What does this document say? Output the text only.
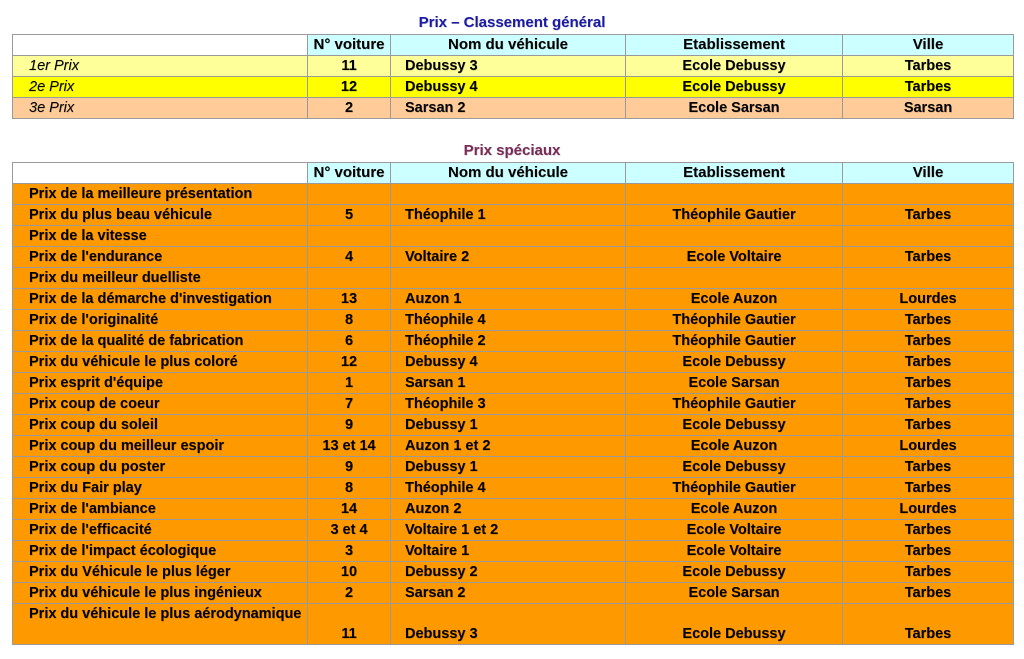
Prix – Classement général
	N° voiture	Nom du véhicule	Etablissement	Ville
1er Prix	11	Debussy 3	Ecole Debussy	Tarbes
2e Prix	12	Debussy 4	Ecole Debussy	Tarbes
3e Prix	2	Sarsan 2	Ecole Sarsan	Sarsan
Prix spéciaux
	N° voiture	Nom du véhicule	Etablissement	Ville
Prix de la meilleure présentation				
Prix du plus beau véhicule	5	Théophile 1	Théophile Gautier	Tarbes
Prix de la vitesse				
Prix de l'endurance	4	Voltaire 2	Ecole Voltaire	Tarbes
Prix du meilleur duelliste				
Prix de la démarche d'investigation	13	Auzon 1	Ecole Auzon	Lourdes
Prix de l'originalité	8	Théophile 4	Théophile Gautier	Tarbes
Prix de la qualité de fabrication	6	Théophile 2	Théophile Gautier	Tarbes
Prix du véhicule le plus coloré	12	Debussy 4	Ecole Debussy	Tarbes
Prix esprit d'équipe	1	Sarsan 1	Ecole Sarsan	Tarbes
Prix coup de coeur	7	Théophile 3	Théophile Gautier	Tarbes
Prix coup du soleil	9	Debussy 1	Ecole Debussy	Tarbes
Prix coup du meilleur espoir	13 et 14	Auzon 1 et 2	Ecole Auzon	Lourdes
Prix coup du poster	9	Debussy 1	Ecole Debussy	Tarbes
Prix du Fair play	8	Théophile 4	Théophile Gautier	Tarbes
Prix de l'ambiance	14	Auzon 2	Ecole Auzon	Lourdes
Prix de l'efficacité	3 et 4	Voltaire 1 et 2	Ecole Voltaire	Tarbes
Prix de l'impact écologique	3	Voltaire 1	Ecole Voltaire	Tarbes
Prix du Véhicule le plus léger	10	Debussy 2	Ecole Debussy	Tarbes
Prix du véhicule le plus ingénieux	2	Sarsan 2	Ecole Sarsan	Tarbes
Prix du véhicule le plus aérodynamique	11	Debussy 3	Ecole Debussy	Tarbes
